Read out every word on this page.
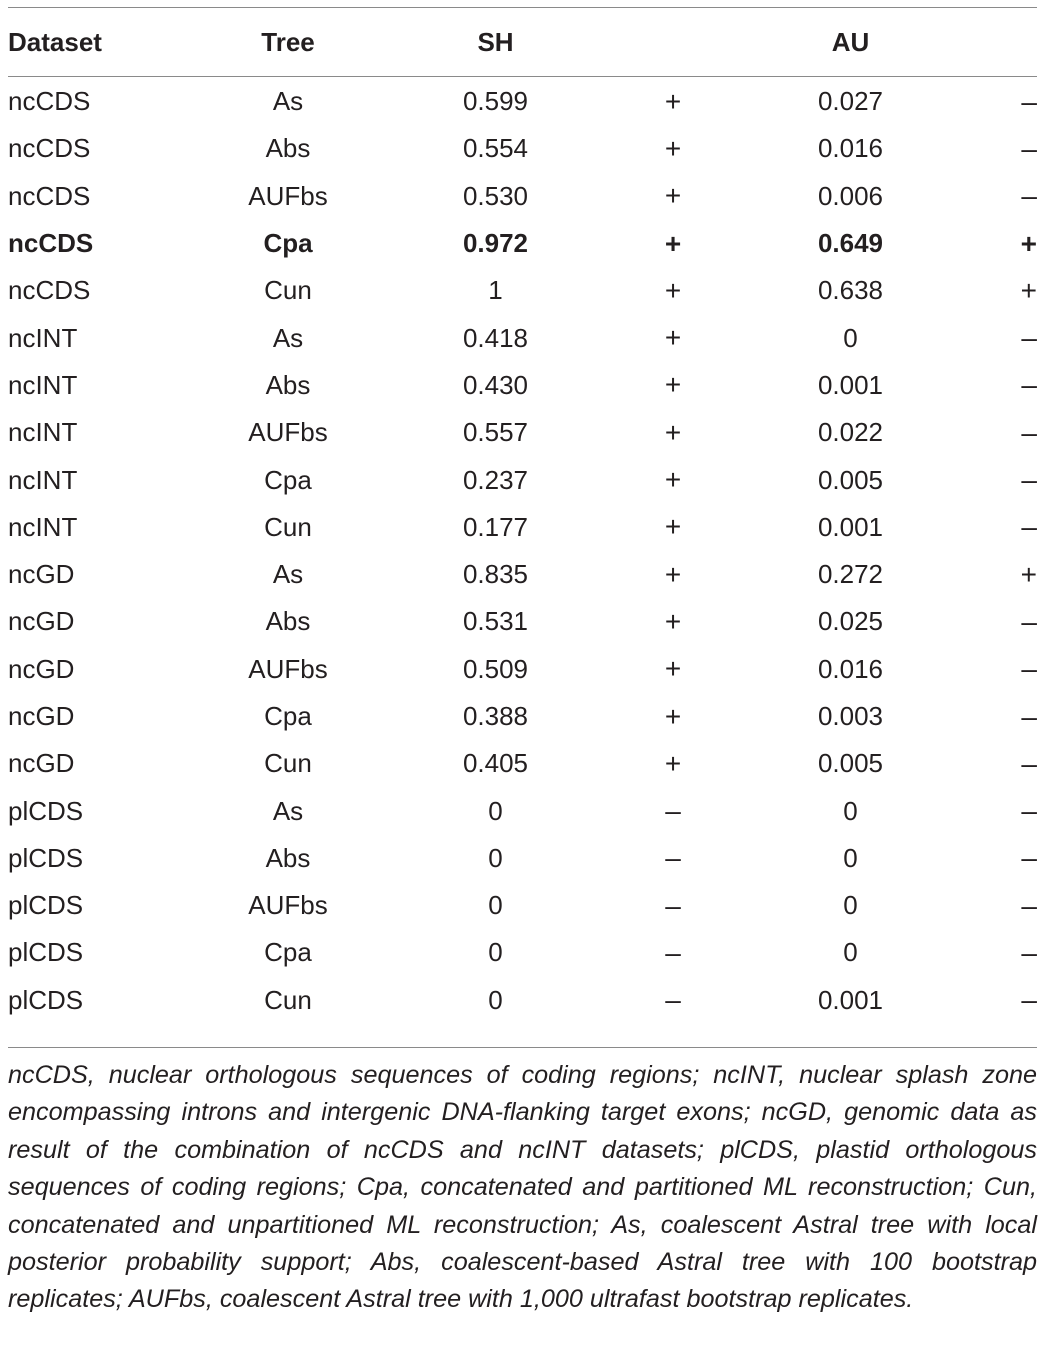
Dataset	Tree	SH		AU	

ncCDS	As	0.599	+	0.027	–
ncCDS	Abs	0.554	+	0.016	–
ncCDS	AUFbs	0.530	+	0.006	–
ncCDS	Cpa	0.972	+	0.649	+
ncCDS	Cun	1	+	0.638	+
ncINT	As	0.418	+	0	–
ncINT	Abs	0.430	+	0.001	–
ncINT	AUFbs	0.557	+	0.022	–
ncINT	Cpa	0.237	+	0.005	–
ncINT	Cun	0.177	+	0.001	–
ncGD	As	0.835	+	0.272	+
ncGD	Abs	0.531	+	0.025	–
ncGD	AUFbs	0.509	+	0.016	–
ncGD	Cpa	0.388	+	0.003	–
ncGD	Cun	0.405	+	0.005	–
plCDS	As	0	–	0	–
plCDS	Abs	0	–	0	–
plCDS	AUFbs	0	–	0	–
plCDS	Cpa	0	–	0	–
plCDS	Cun	0	–	0.001	–

ncCDS, nuclear orthologous sequences of coding regions; ncINT, nuclear splash zone encompassing introns and intergenic DNA-flanking target exons; ncGD, genomic data as result of the combination of ncCDS and ncINT datasets; plCDS, plastid orthologous sequences of coding regions; Cpa, concatenated and partitioned ML reconstruction; Cun, concatenated and unpartitioned ML reconstruction; As, coalescent Astral tree with local posterior probability support; Abs, coalescent-based Astral tree with 100 bootstrap replicates; AUFbs, coalescent Astral tree with 1,000 ultrafast bootstrap replicates.
